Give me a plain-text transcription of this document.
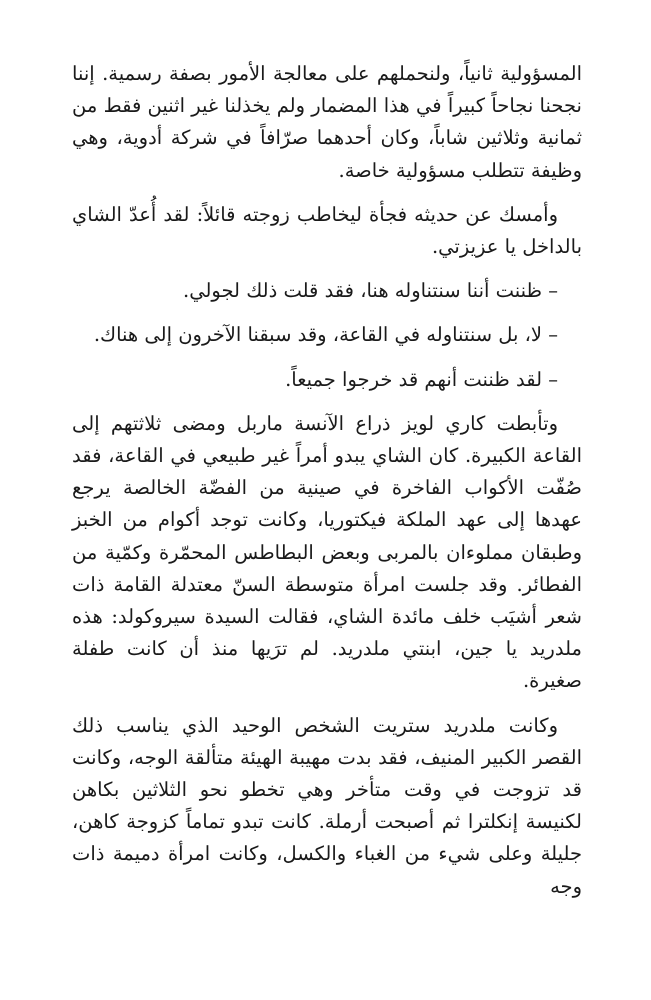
المسؤولية ثانياً، ولنحملهم على معالجة الأمور بصفة رسمية. إننا نجحنا نجاحاً كبيراً في هذا المضمار ولم يخذلنا غير اثنين فقط من ثمانية وثلاثين شاباً، وكان أحدهما صرّافاً في شركة أدوية، وهي وظيفة تتطلب مسؤولية خاصة.

وأمسك عن حديثه فجأة ليخاطب زوجته قائلاً: لقد أُعدّ الشاي بالداخل يا عزيزتي.

– ظننت أننا سنتناوله هنا، فقد قلت ذلك لجولي.

– لا، بل سنتناوله في القاعة، وقد سبقنا الآخرون إلى هناك.

– لقد ظننت أنهم قد خرجوا جميعاً.

وتأبطت كاري لويز ذراع الآنسة ماربل ومضى ثلاثتهم إلى القاعة الكبيرة. كان الشاي يبدو أمراً غير طبيعي في القاعة، فقد صُفّت الأكواب الفاخرة في صينية من الفضّة الخالصة يرجع عهدها إلى عهد الملكة فيكتوريا، وكانت توجد أكوام من الخبز وطبقان مملوءان بالمربى وبعض البطاطس المحمّرة وكمّية من الفطائر. وقد جلست امرأة متوسطة السنّ معتدلة القامة ذات شعر أشيَب خلف مائدة الشاي، فقالت السيدة سيروكولد: هذه ملدريد يا جين، ابنتي ملدريد. لم ترَيها منذ أن كانت طفلة صغيرة.

وكانت ملدريد ستريت الشخص الوحيد الذي يناسب ذلك القصر الكبير المنيف، فقد بدت مهيبة الهيئة متألقة الوجه، وكانت قد تزوجت في وقت متأخر وهي تخطو نحو الثلاثين بكاهن لكنيسة إنكلترا ثم أصبحت أرملة. كانت تبدو تماماً كزوجة كاهن، جليلة وعلى شيء من الغباء والكسل، وكانت امرأة دميمة ذات وجه
